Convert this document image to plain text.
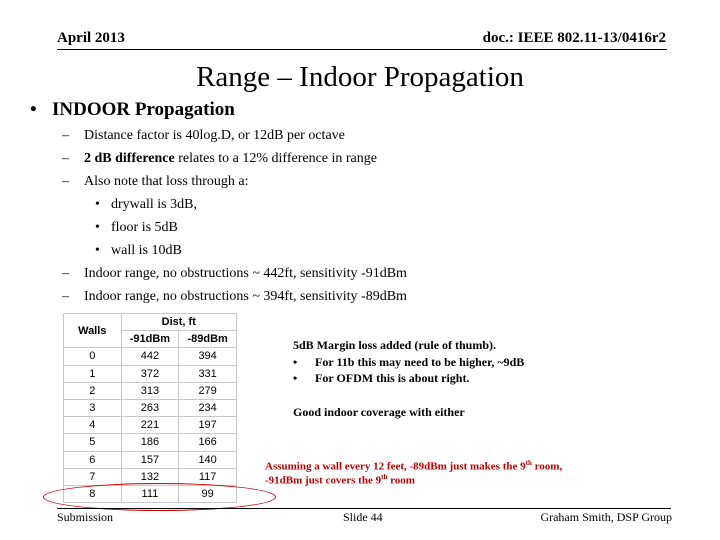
April 2013	doc.: IEEE 802.11-13/0416r2
Range – Indoor Propagation
• INDOOR Propagation
– Distance factor is 40log.D, or 12dB per octave
– 2 dB difference relates to a 12% difference in range
– Also note that loss through a:
• drywall is 3dB,
• floor is 5dB
• wall is 10dB
– Indoor range, no obstructions ~ 442ft, sensitivity -91dBm
– Indoor range, no obstructions ~ 394ft, sensitivity -89dBm
Walls	Dist, ft	
	-91dBm	-89dBm
0	442	394
1	372	331
2	313	279
3	263	234
4	221	197
5	186	166
6	157	140
7	132	117
8	111	99
5dB Margin loss added (rule of thumb).
• For 11b this may need to be higher, ~9dB
• For OFDM this is about right.
Good indoor coverage with either
Assuming a wall every 12 feet, -89dBm just makes the 9th room,
-91dBm just covers the 9th room
Submission	Slide 44	Graham Smith, DSP Group
